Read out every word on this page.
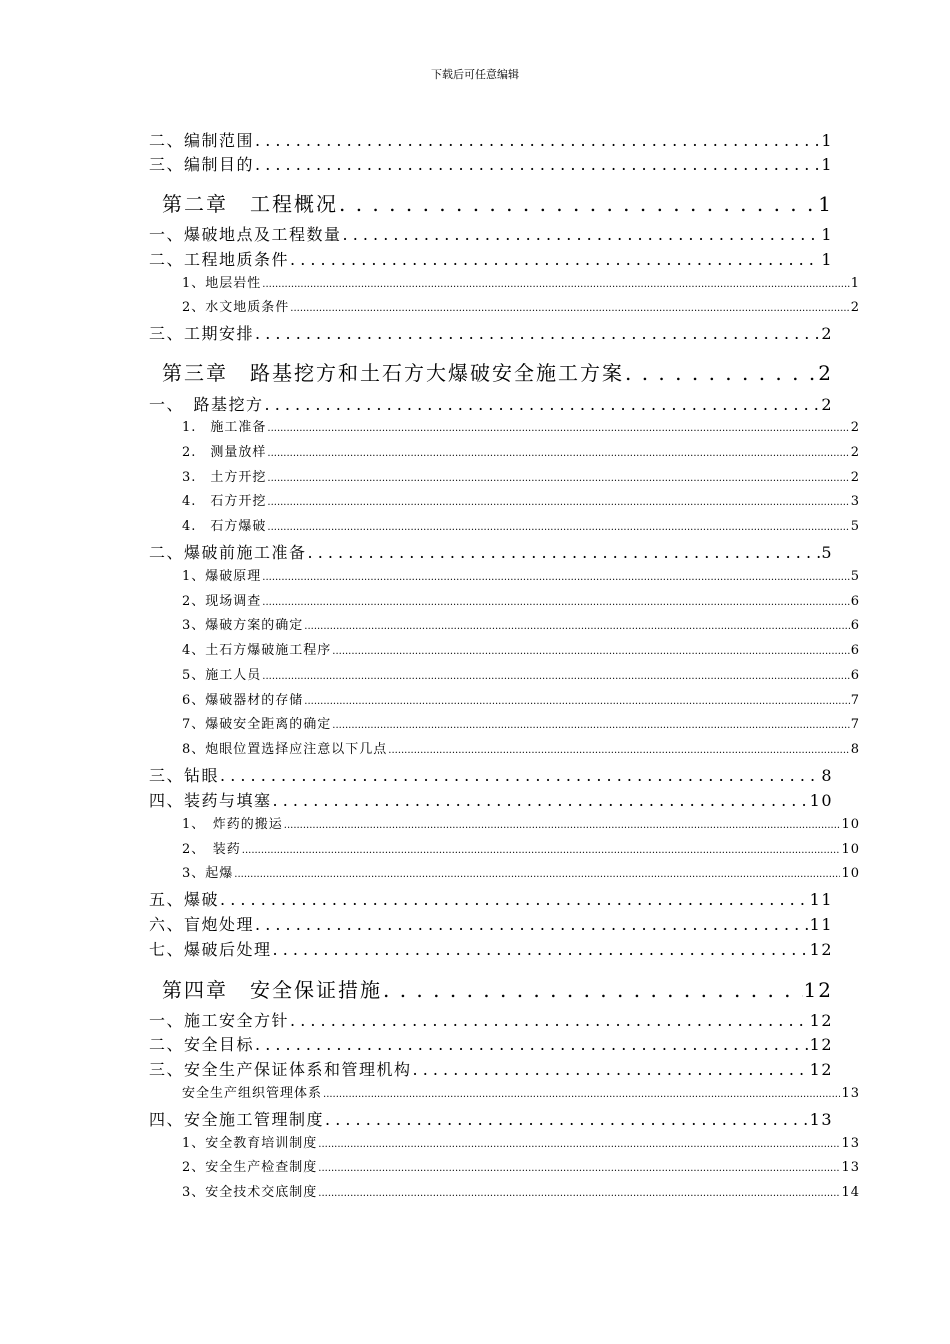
下载后可任意编辑
二、编制范围 . . .	1
三、编制目的 . . .	1
第二章　工程概况 . . .	1
一、爆破地点及工程数量 . . .	1
二、工程地质条件 . . .	1
1、地层岩性 .....	1
2、水文地质条件 .....	2
三、工期安排 . . .	2
第三章　路基挖方和土石方大爆破安全施工方案 . . .	2
一、　路基挖方 . . .	2
1.　施工准备 .....	2
2.　测量放样 .....	2
3.　土方开挖 .....	2
4.　石方开挖 .....	3
4.　石方爆破 .....	5
二、爆破前施工准备 . . .	5
1、爆破原理 .....	5
2、现场调查 .....	6
3、爆破方案的确定 .....	6
4、土石方爆破施工程序 .....	6
5、施工人员 .....	6
6、爆破器材的存储 .....	7
7、爆破安全距离的确定 .....	7
8、炮眼位置选择应注意以下几点 .....	8
三、钻眼 . . .	8
四、装药与填塞 . . .	10
1、　炸药的搬运 .....	10
2、　装药 .....	10
3、起爆 .....	10
五、爆破 . . .	11
六、盲炮处理 . . .	11
七、爆破后处理 . . .	12
第四章　安全保证措施 . . .	12
一、施工安全方针 . . .	12
二、安全目标 . . .	12
三、安全生产保证体系和管理机构 . . .	12
安全生产组织管理体系 .....	13
四、安全施工管理制度 . . .	13
1、安全教育培训制度 .....	13
2、安全生产检查制度 .....	13
3、安全技术交底制度 .....	14
